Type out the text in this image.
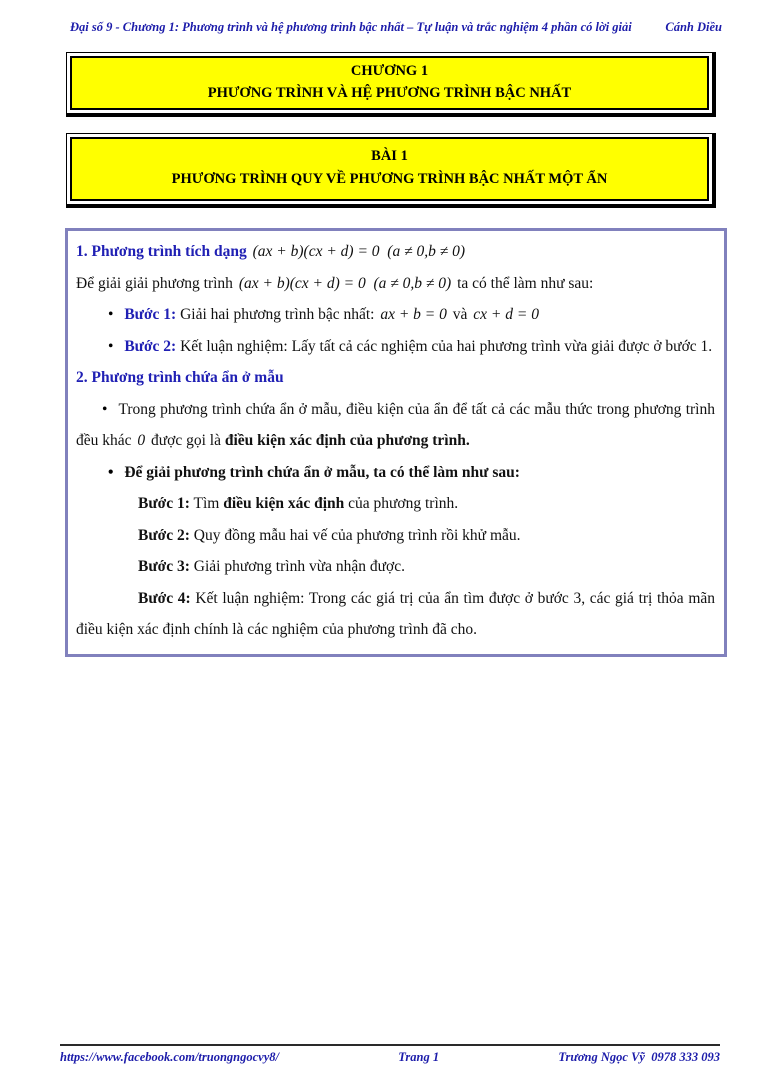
Đại số 9 - Chương 1: Phương trình và hệ phương trình bậc nhất – Tự luận và trắc nghiệm 4 phần có lời giải	Cánh Diều
CHƯƠNG 1
PHƯƠNG TRÌNH VÀ HỆ PHƯƠNG TRÌNH BẬC NHẤT
BÀI 1
PHƯƠNG TRÌNH QUY VỀ PHƯƠNG TRÌNH BẬC NHẤT MỘT ẨN

1. Phương trình tích dạng (ax + b)(cx + d) = 0  (a ≠ 0,b ≠ 0)

Để giải giải phương trình (ax + b)(cx + d) = 0  (a ≠ 0,b ≠ 0) ta có thể làm như sau:

• Bước 1: Giải hai phương trình bậc nhất: ax + b = 0 và cx + d = 0

• Bước 2: Kết luận nghiệm: Lấy tất cả các nghiệm của hai phương trình vừa giải được ở bước 1.

2. Phương trình chứa ẩn ở mẫu

• Trong phương trình chứa ẩn ở mẫu, điều kiện của ẩn để tất cả các mẫu thức trong phương trình đều khác 0 được gọi là điều kiện xác định của phương trình.

• Để giải phương trình chứa ẩn ở mẫu, ta có thể làm như sau:

Bước 1: Tìm điều kiện xác định của phương trình.

Bước 2: Quy đồng mẫu hai vế của phương trình rồi khử mẫu.

Bước 3: Giải phương trình vừa nhận được.

Bước 4: Kết luận nghiệm: Trong các giá trị của ẩn tìm được ở bước 3, các giá trị thỏa mãn điều kiện xác định chính là các nghiệm của phương trình đã cho.

https://www.facebook.com/truongngocvy8/	Trang 1	Trương Ngọc Vỹ  0978 333 093
